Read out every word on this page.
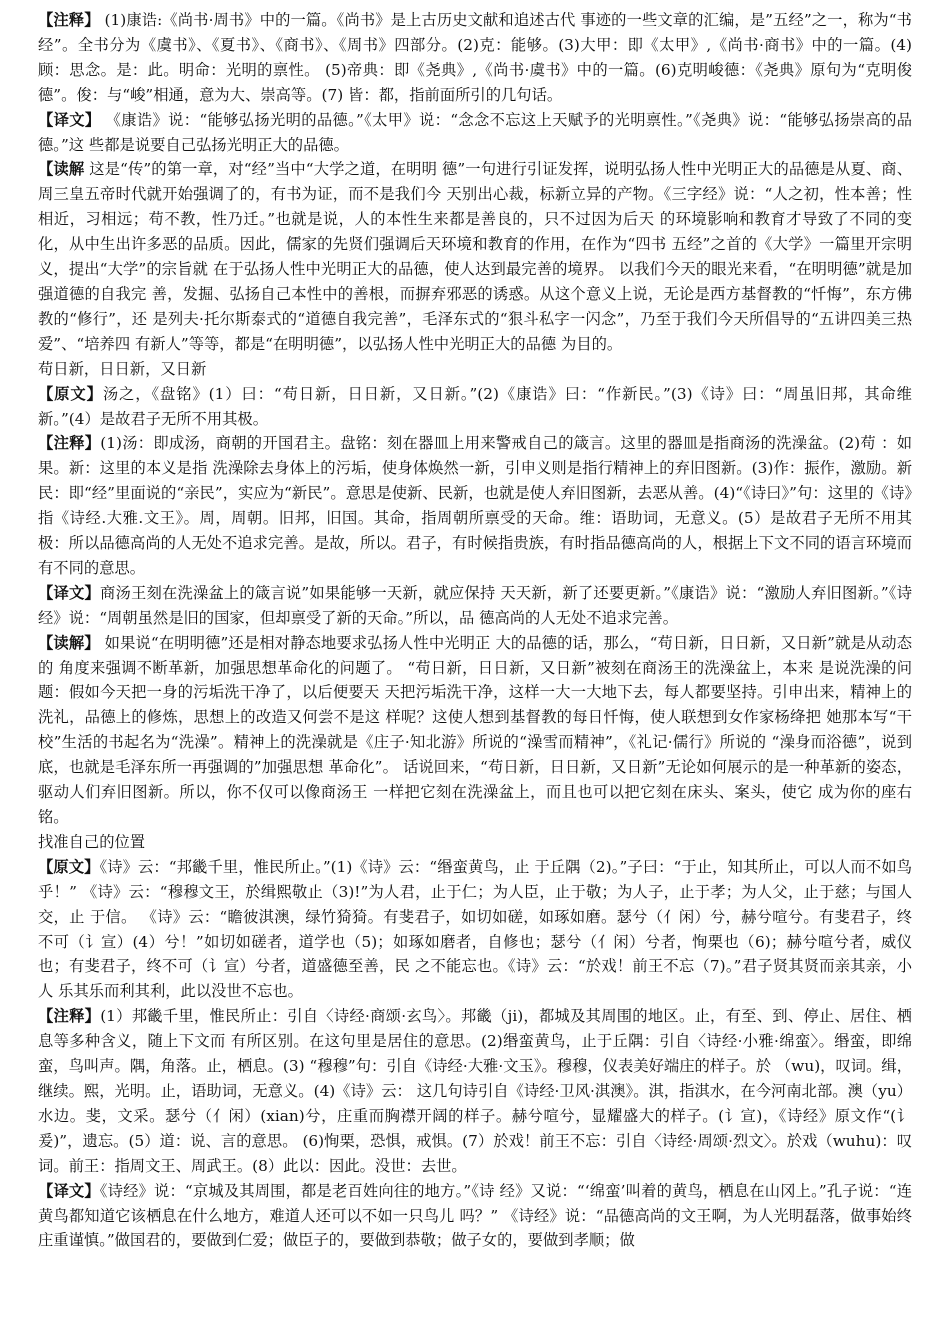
【注释】 (1)康诰:《尚书·周书》中的一篇。《尚书》是上古历史文献和追述古代 事迹的一些文章的汇编，是”五经”之一，称为“书经”。全书分为《虞书》、《夏书》、《商书》、《周书》四部分。(2)克：能够。(3)大甲：即《太甲》,《尚书·商书》中的一篇。(4)顾：思念。是：此。明命：光明的禀性。 (5)帝典：即《尧典》,《尚书·虞书》中的一篇。(6)克明峻德：《尧典》原句为“克明俊德”。俊：与“峻”相通，意为大、崇高等。(7) 皆：都，指前面所引的几句话。

【译文】 《康诰》说：“能够弘扬光明的品德。”《太甲》说：“念念不忘这上天赋予的光明禀性。”《尧典》说：“能够弘扬崇高的品德。”这 些都是说要自己弘扬光明正大的品德。

【读解 这是“传”的第一章，对“经”当中“大学之道，在明明 德”一句进行引证发挥，说明弘扬人性中光明正大的品德是从夏、商、周三皇五帝时代就开始强调了的，有书为证，而不是我们今 天别出心裁，标新立异的产物。《三字经》说：“人之初，性本善；性相近，习相远；苟不教，性乃迁。”也就是说，人的本性生来都是善良的，只不过因为后天 的环境影响和教育才导致了不同的变化，从中生出许多恶的品质。因此，儒家的先贤们强调后天环境和教育的作用，在作为“四书 五经”之首的《大学》一篇里开宗明义，提出“大学”的宗旨就 在于弘扬人性中光明正大的品德，使人达到最完善的境界。 以我们今天的眼光来看，“在明明德”就是加强道德的自我完 善，发掘、弘扬自己本性中的善根，而摒弃邪恶的诱惑。从这个意义上说，无论是西方基督教的“忏悔”，东方佛教的“修行”，还 是列夫·托尔斯泰式的“道德自我完善”，毛泽东式的“狠斗私字一闪念”，乃至于我们今天所倡导的“五讲四美三热爱”、“培养四 有新人”等等，都是“在明明德”，以弘扬人性中光明正大的品德 为目的。

苟日新，日日新，又日新

【原文】汤之，《盘铭》(1）曰：“苟日新，日日新，又日新。”(2)《康诰》曰：“作新民。”(3)《诗》曰：“周虽旧邦，其命维新。”(4）是故君子无所不用其极。

【注释】(1)汤：即成汤，商朝的开国君主。盘铭：刻在器皿上用来警戒自己的箴言。这里的器皿是指商汤的洗澡盆。(2)苟 ：如果。新：这里的本义是指 洗澡除去身体上的污垢，使身体焕然一新，引申义则是指行精神上的弃旧图新。(3)作：振作，激励。新民：即“经”里面说的“亲民”，实应为“新民”。意思是使新、民新，也就是使人弃旧图新，去恶从善。(4)“《诗曰》”句：这里的《诗》指《诗经.大雅.文王》。周，周朝。旧邦，旧国。其命，指周朝所禀受的天命。维：语助词，无意义。(5）是故君子无所不用其极：所以品德高尚的人无处不追求完善。是故，所以。君子，有时候指贵族，有时指品德高尚的人，根据上下文不同的语言环境而有不同的意思。

【译文】商汤王刻在洗澡盆上的箴言说”如果能够一天新，就应保持 天天新，新了还要更新。”《康诰》说：“激励人弃旧图新。”《诗 经》说：“周朝虽然是旧的国家，但却禀受了新的天命。”所以，品 德高尚的人无处不追求完善。

【读解】 如果说“在明明德”还是相对静态地要求弘扬人性中光明正 大的品德的话，那么，“苟日新，日日新，又日新”就是从动态的 角度来强调不断革新，加强思想革命化的问题了。 “苟日新，日日新，又日新”被刻在商汤王的洗澡盆上，本来 是说洗澡的问题：假如今天把一身的污垢洗干净了，以后便要天 天把污垢洗干净，这样一大一大地下去，每人都要坚持。引申出来，精神上的洗礼，品德上的修炼，思想上的改造又何尝不是这 样呢？这使人想到基督教的每日忏悔，使人联想到女作家杨绛把 她那本写“干校”生活的书起名为“洗澡”。精神上的洗澡就是《庄子·知北游》所说的“澡雪而精神”，《礼记·儒行》所说的 “澡身而浴德”，说到底，也就是毛泽东所一再强调的”加强思想 革命化”。 话说回来，“苟日新，日日新，又日新”无论如何展示的是一种革新的姿态，驱动人们弃旧图新。所以，你不仅可以像商汤王 一样把它刻在洗澡盆上，而且也可以把它刻在床头、案头，使它 成为你的座右铭。

找准自己的位置

【原文】《诗》云：“邦畿千里，惟民所止。”(1)《诗》云：“缗蛮黄鸟，止 于丘隅（2)。”子曰：“于止，知其所止，可以人而不如鸟乎！” 《诗》云：“穆穆文王，於缉熙敬止（3)!”为人君，止于仁；为人臣，止于敬；为人子，止于孝；为人父，止于慈；与国人交，止 于信。 《诗》云：“瞻彼淇澳，绿竹猗猗。有斐君子，如切如磋，如琢如磨。瑟兮（亻闲）兮，赫兮喧兮。有斐君子，终不可（讠宣）(4）兮！”如切如磋者，道学也（5)；如琢如磨者，自修也；瑟兮（亻闲）兮者，恂栗也（6)；赫兮喧兮者，威仪也；有斐君子，终不可（讠宣）兮者，道盛德至善，民 之不能忘也。《诗》云：“於戏！前王不忘（7)。”君子贤其贤而亲其亲，小人 乐其乐而利其利，此以没世不忘也。

【注释】(1）邦畿千里，惟民所止：引自〈诗经·商颂·玄鸟〉。邦畿（ji)，都城及其周围的地区。止，有至、到、停止、居住、栖息等多种含义，随上下文而 有所区别。在这句里是居住的意思。(2)缗蛮黄鸟，止于丘隅：引自〈诗经·小雅·绵蛮〉。缗蛮，即绵蛮，鸟叫声。隅，角落。止，栖息。(3) “穆穆”句：引自《诗经·大雅·文玉》。穆穆，仪表美好端庄的样子。於 （wu)，叹词。缉，继续。熙，光明。止，语助词，无意义。(4)《诗》云： 这几句诗引自《诗经·卫风·淇澳》。淇，指淇水，在今河南北部。澳（yu） 水边。斐，文采。瑟兮（亻闲）(xian)兮，庄重而胸襟开阔的样子。赫兮喧兮，显耀盛大的样子。(讠宣)，《诗经》原文作“(讠爰)”，遗忘。(5）道：说、言的意思。 (6)恂栗，恐惧，戒惧。(7）於戏！前王不忘：引自〈诗经·周颂·烈文〉。於戏（wuhu)：叹词。前王：指周文王、周武王。(8）此以：因此。没世：去世。

【译文】《诗经》说：“京城及其周围，都是老百姓向往的地方。”《诗 经》又说：“‘绵蛮’叫着的黄鸟，栖息在山冈上。”孔子说：“连 黄鸟都知道它该栖息在什么地方，难道人还可以不如一只鸟儿 吗？” 《诗经》说：“品德高尚的文王啊，为人光明磊落，做事始终 庄重谨慎。”做国君的，要做到仁爱；做臣子的，要做到恭敬；做子女的，要做到孝顺；做
